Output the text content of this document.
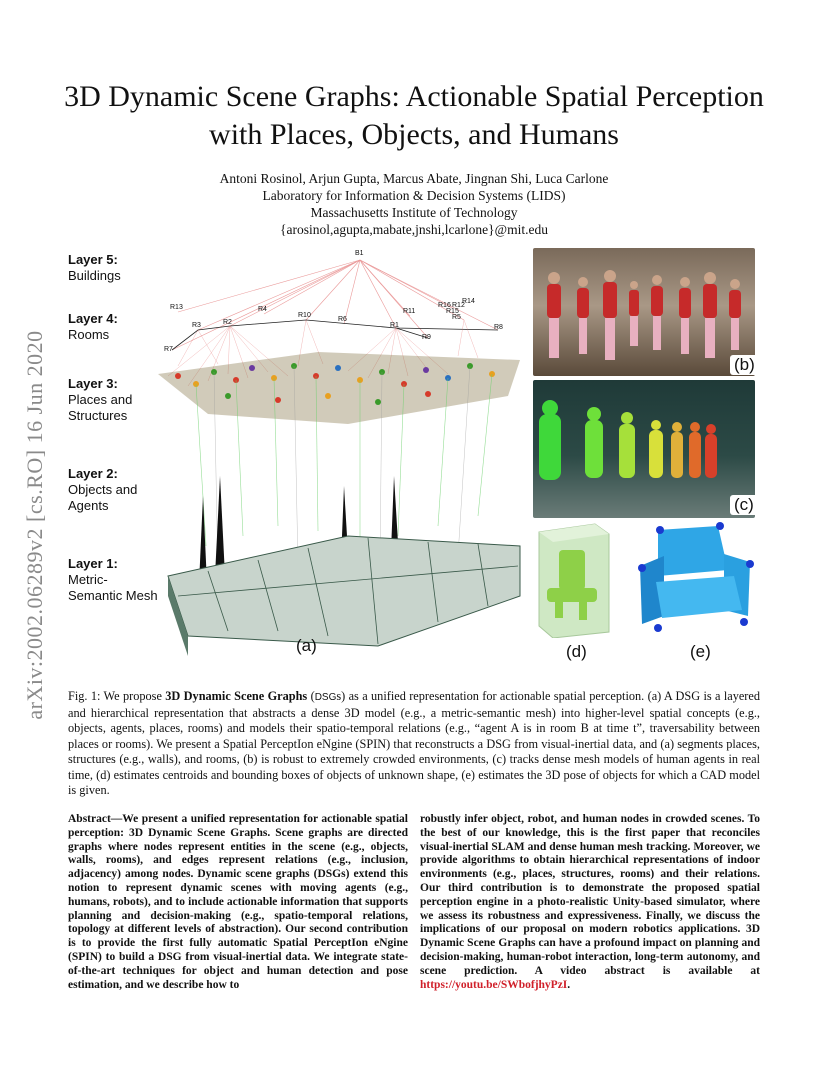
arXiv:2002.06289v2 [cs.RO] 16 Jun 2020
3D Dynamic Scene Graphs: Actionable Spatial Perception with Places, Objects, and Humans
Antoni Rosinol, Arjun Gupta, Marcus Abate, Jingnan Shi, Luca Carlone
Laboratory for Information & Decision Systems (LIDS)
Massachusetts Institute of Technology
{arosinol,agupta,mabate,jnshi,lcarlone}@mit.edu
Layer 5:
Buildings
Layer 4:
Rooms
Layer 3:
Places and Structures
Layer 2:
Objects and Agents
Layer 1:
Metric-Semantic Mesh
B1
R13
R3	R2
R4
R10
R6
R1
R11
R16 R12
R14
R15
R5
R9
R8
R7
(a)
(b)
(c)
(d)	(e)
Fig. 1: We propose 3D Dynamic Scene Graphs (DSGs) as a unified representation for actionable spatial perception. (a) A DSG is a layered and hierarchical representation that abstracts a dense 3D model (e.g., a metric-semantic mesh) into higher-level spatial concepts (e.g., objects, agents, places, rooms) and models their spatio-temporal relations (e.g., “agent A is in room B at time t”, traversability between places or rooms). We present a Spatial PerceptIon eNgine (SPIN) that reconstructs a DSG from visual-inertial data, and (a) segments places, structures (e.g., walls), and rooms, (b) is robust to extremely crowded environments, (c) tracks dense mesh models of human agents in real time, (d) estimates centroids and bounding boxes of objects of unknown shape, (e) estimates the 3D pose of objects for which a CAD model is given.
Abstract—We present a unified representation for actionable spatial perception: 3D Dynamic Scene Graphs. Scene graphs are directed graphs where nodes represent entities in the scene (e.g., objects, walls, rooms), and edges represent relations (e.g., inclusion, adjacency) among nodes. Dynamic scene graphs (DSGs) extend this notion to represent dynamic scenes with moving agents (e.g., humans, robots), and to include actionable information that supports planning and decision-making (e.g., spatio-temporal relations, topology at different levels of abstraction). Our second contribution is to provide the first fully automatic Spatial PerceptIon eNgine (SPIN) to build a DSG from visual-inertial data. We integrate state-of-the-art techniques for object and human detection and pose estimation, and we describe how to
robustly infer object, robot, and human nodes in crowded scenes. To the best of our knowledge, this is the first paper that reconciles visual-inertial SLAM and dense human mesh tracking. Moreover, we provide algorithms to obtain hierarchical representations of indoor environments (e.g., places, structures, rooms) and their relations. Our third contribution is to demonstrate the proposed spatial perception engine in a photo-realistic Unity-based simulator, where we assess its robustness and expressiveness. Finally, we discuss the implications of our proposal on modern robotics applications. 3D Dynamic Scene Graphs can have a profound impact on planning and decision-making, human-robot interaction, long-term autonomy, and scene prediction. A video abstract is available at https://youtu.be/SWbofjhyPzI.
